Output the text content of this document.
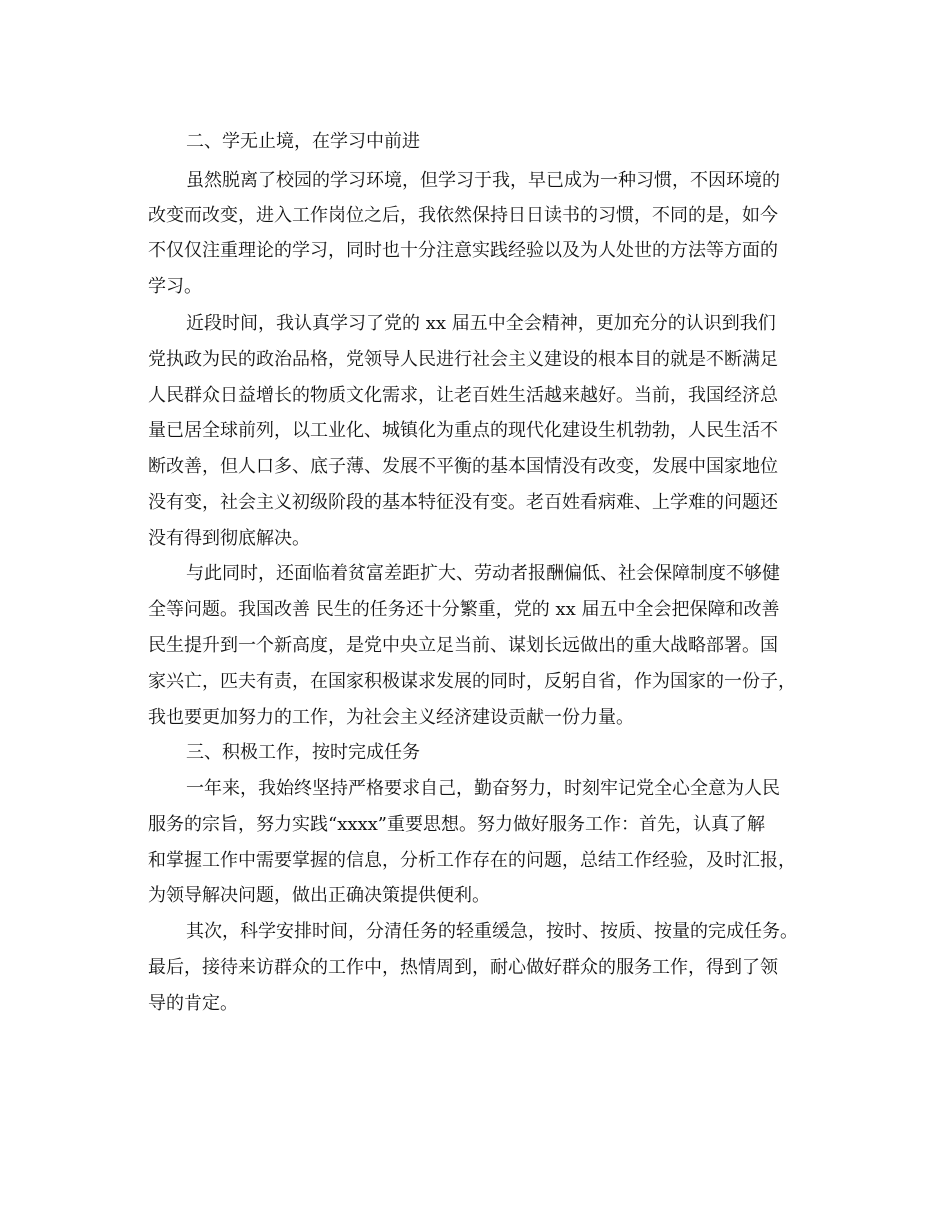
二、学无止境，在学习中前进

虽然脱离了校园的学习环境，但学习于我，早已成为一种习惯，不因环境的

改变而改变，进入工作岗位之后，我依然保持日日读书的习惯，不同的是，如今

不仅仅注重理论的学习，同时也十分注意实践经验以及为人处世的方法等方面的

学习。

近段时间，我认真学习了党的 xx 届五中全会精神，更加充分的认识到我们

党执政为民的政治品格，党领导人民进行社会主义建设的根本目的就是不断满足

人民群众日益增长的物质文化需求，让老百姓生活越来越好。当前，我国经济总

量已居全球前列，以工业化、城镇化为重点的现代化建设生机勃勃，人民生活不

断改善，但人口多、底子薄、发展不平衡的基本国情没有改变，发展中国家地位

没有变，社会主义初级阶段的基本特征没有变。老百姓看病难、上学难的问题还

没有得到彻底解决。

与此同时，还面临着贫富差距扩大、劳动者报酬偏低、社会保障制度不够健

全等问题。我国改善 民生的任务还十分繁重，党的 xx 届五中全会把保障和改善

民生提升到一个新高度，是党中央立足当前、谋划长远做出的重大战略部署。国

家兴亡，匹夫有责，在国家积极谋求发展的同时，反躬自省，作为国家的一份子，

我也要更加努力的工作，为社会主义经济建设贡献一份力量。

三、积极工作，按时完成任务

一年来，我始终坚持严格要求自己，勤奋努力，时刻牢记党全心全意为人民

服务的宗旨，努力实践“xxxx”重要思想。努力做好服务工作：首先，认真了解

和掌握工作中需要掌握的信息，分析工作存在的问题，总结工作经验，及时汇报，

为领导解决问题，做出正确决策提供便利。

其次，科学安排时间，分清任务的轻重缓急，按时、按质、按量的完成任务。

最后，接待来访群众的工作中，热情周到，耐心做好群众的服务工作，得到了领

导的肯定。
